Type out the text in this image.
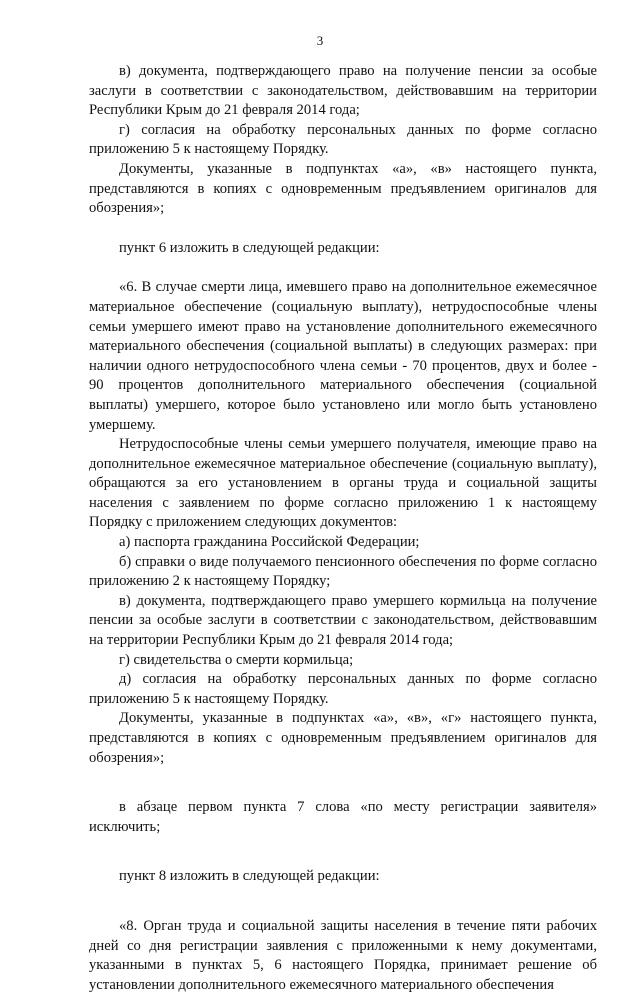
3

в) документа, подтверждающего право на получение пенсии за особые заслуги в соответствии с законодательством, действовавшим на территории Республики Крым до 21 февраля 2014 года;

г) согласия на обработку персональных данных по форме согласно приложению 5 к настоящему Порядку.

Документы, указанные в подпунктах «а», «в» настоящего пункта, представляются в копиях с одновременным предъявлением оригиналов для обозрения»;

пункт 6 изложить в следующей редакции:

«6. В случае смерти лица, имевшего право на дополнительное ежемесячное материальное обеспечение (социальную выплату), нетрудоспособные члены семьи умершего имеют право на установление дополнительного ежемесячного материального обеспечения (социальной выплаты) в следующих размерах: при наличии одного нетрудоспособного члена семьи - 70 процентов, двух и более - 90 процентов дополнительного материального обеспечения (социальной выплаты) умершего, которое было установлено или могло быть установлено умершему.

Нетрудоспособные члены семьи умершего получателя, имеющие право на дополнительное ежемесячное материальное обеспечение (социальную выплату), обращаются за его установлением в органы труда и социальной защиты населения с заявлением по форме согласно приложению 1 к настоящему Порядку с приложением следующих документов:

а) паспорта гражданина Российской Федерации;

б) справки о виде получаемого пенсионного обеспечения по форме согласно приложению 2 к настоящему Порядку;

в) документа, подтверждающего право умершего кормильца на получение пенсии за особые заслуги в соответствии с законодательством, действовавшим на территории Республики Крым до 21 февраля 2014 года;

г) свидетельства о смерти кормильца;

д) согласия на обработку персональных данных по форме согласно приложению 5 к настоящему Порядку.

Документы, указанные в подпунктах «а», «в», «г» настоящего пункта, представляются в копиях с одновременным предъявлением оригиналов для обозрения»;

в абзаце первом пункта 7 слова «по месту регистрации заявителя» исключить;

пункт 8 изложить в следующей редакции:

«8. Орган труда и социальной защиты населения в течение пяти рабочих дней со дня регистрации заявления с приложенными к нему документами, указанными в пунктах 5, 6 настоящего Порядка, принимает решение об установлении дополнительного ежемесячного материального обеспечения
